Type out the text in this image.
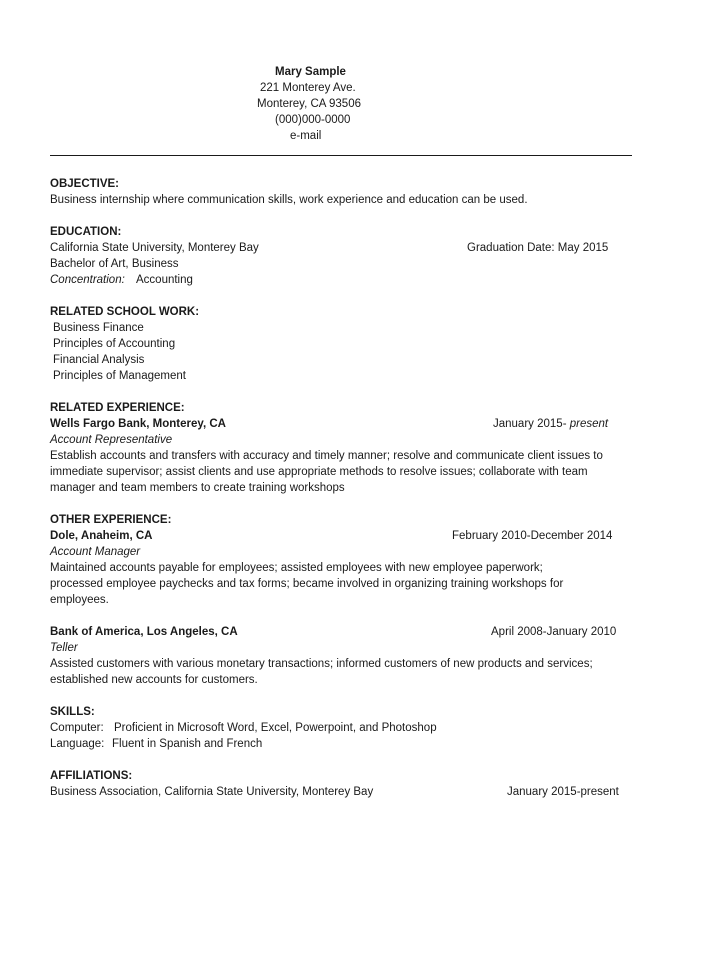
Mary Sample
221 Monterey Ave.
Monterey, CA 93506
(000)000-0000
e-mail
OBJECTIVE:
Business internship where communication skills, work experience and education can be used.
EDUCATION:
California State University, Monterey Bay	Graduation Date: May 2015
Bachelor of Art, Business
Concentration: Accounting
RELATED SCHOOL WORK:
Business Finance
Principles of Accounting
Financial Analysis
Principles of Management
RELATED EXPERIENCE:
Wells Fargo Bank, Monterey, CA	January 2015- present
Account Representative
Establish accounts and transfers with accuracy and timely manner; resolve and communicate client issues to
immediate supervisor; assist clients and use appropriate methods to resolve issues; collaborate with team
manager and team members to create training workshops
OTHER EXPERIENCE:
Dole, Anaheim, CA	February 2010-December 2014
Account Manager
Maintained accounts payable for employees; assisted employees with new employee paperwork;
processed employee paychecks and tax forms; became involved in organizing training workshops for
employees.
Bank of America, Los Angeles, CA	April 2008-January 2010
Teller
Assisted customers with various monetary transactions; informed customers of new products and services;
established new accounts for customers.
SKILLS:
Computer: Proficient in Microsoft Word, Excel, Powerpoint, and Photoshop
Language: Fluent in Spanish and French
AFFILIATIONS:
Business Association, California State University, Monterey Bay	January 2015-present
